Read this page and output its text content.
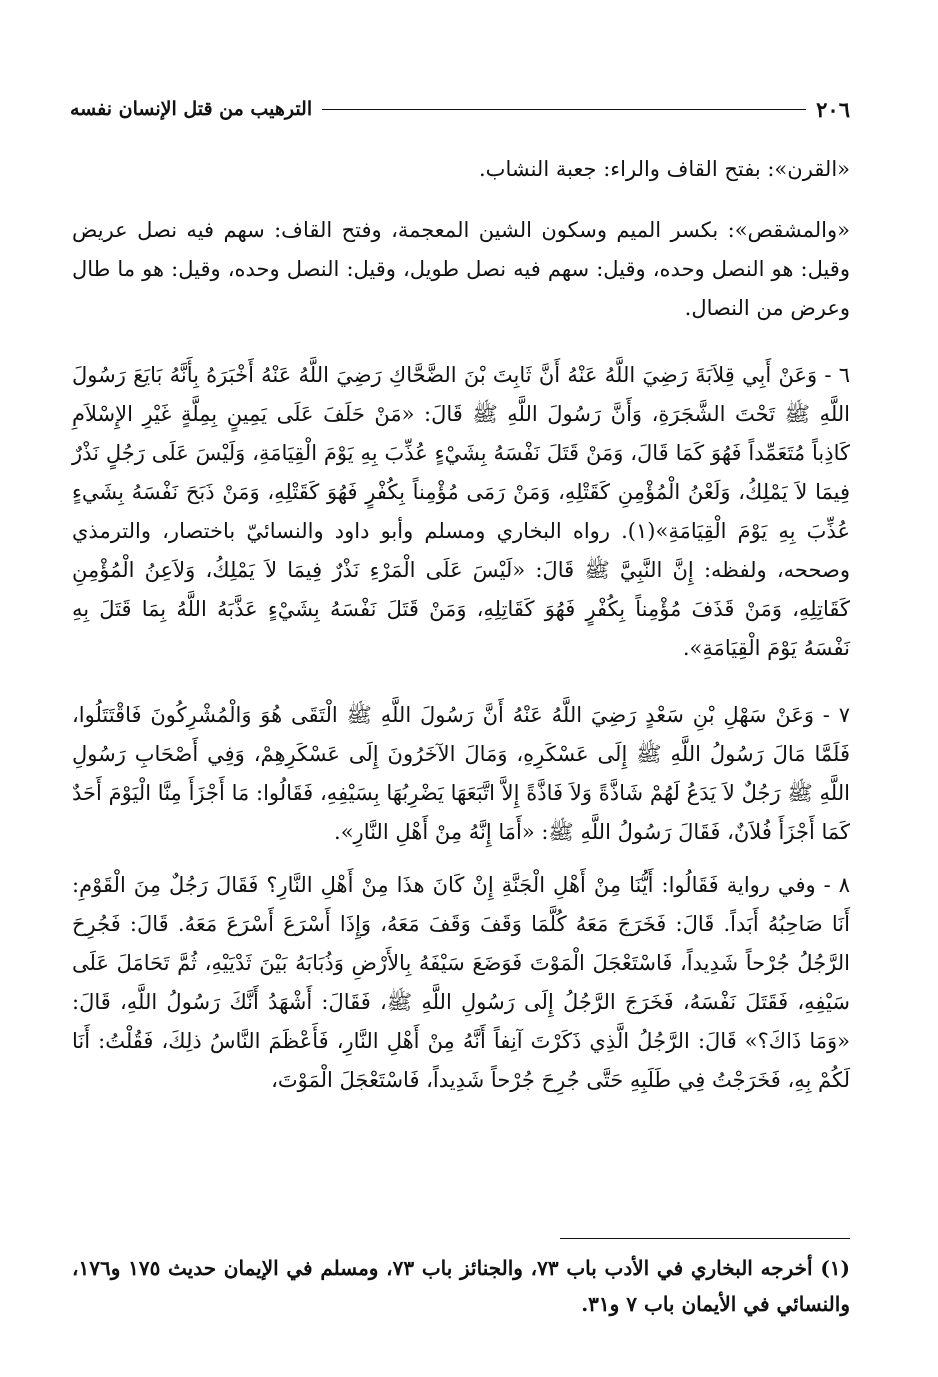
٢٠٦
الترهيب من قتل الإنسان نفسه

«القرن»: بفتح القاف والراء: جعبة النشاب.

«والمشقص»: بكسر الميم وسكون الشين المعجمة، وفتح القاف: سهم فيه نصل عريض وقيل: هو النصل وحده، وقيل: سهم فيه نصل طويل، وقيل: النصل وحده، وقيل: هو ما طال وعرض من النصال.

٦ - وَعَنْ أَبِي قِلاَبَةَ رَضِيَ اللَّهُ عَنْهُ أَنَّ ثَابِتَ بْنَ الضَّحَّاكِ رَضِيَ اللَّهُ عَنْهُ أَخْبَرَهُ بِأَنَّهُ بَايَعَ رَسُولَ اللَّهِ ﷺ تَحْتَ الشَّجَرَةِ، وَأَنَّ رَسُولَ اللَّهِ ﷺ قَالَ: «مَنْ حَلَفَ عَلَى يَمِينٍ بِمِلَّةٍ غَيْرِ الإِسْلاَمِ كَاذِباً مُتَعَمِّداً فَهُوَ كَمَا قَالَ، وَمَنْ قَتَلَ نَفْسَهُ بِشَيْءٍ عُذِّبَ بِهِ يَوْمَ الْقِيَامَةِ، وَلَيْسَ عَلَى رَجُلٍ نَذْرٌ فِيمَا لاَ يَمْلِكُ، وَلَعْنُ الْمُؤْمِنِ كَقَتْلِهِ، وَمَنْ رَمَى مُؤْمِناً بِكُفْرٍ فَهُوَ كَقَتْلِهِ، وَمَنْ ذَبَحَ نَفْسَهُ بِشَيءٍ عُذِّبَ بِهِ يَوْمَ الْقِيَامَةِ»(١). رواه البخاري ومسلم وأبو داود والنسائيّ باختصار، والترمذي وصححه، ولفظه: إِنَّ النَّبِيَّ ﷺ قَالَ: «لَيْسَ عَلَى الْمَرْءِ نَذْرٌ فِيمَا لاَ يَمْلِكُ، وَلاَعِنُ الْمُؤْمِنِ كَقَاتِلِهِ، وَمَنْ قَذَفَ مُؤْمِناً بِكُفْرٍ فَهُوَ كَقَاتِلِهِ، وَمَنْ قَتَلَ نَفْسَهُ بِشَيْءٍ عَذَّبَهُ اللَّهُ بِمَا قَتَلَ بِهِ نَفْسَهُ يَوْمَ الْقِيَامَةِ».

٧ - وَعَنْ سَهْلِ بْنِ سَعْدٍ رَضِيَ اللَّهُ عَنْهُ أَنَّ رَسُولَ اللَّهِ ﷺ الْتَقَى هُوَ وَالْمُشْرِكُونَ فَاقْتَتَلُوا، فَلَمَّا مَالَ رَسُولُ اللَّهِ ﷺ إِلَى عَسْكَرِهِ، وَمَالَ الآخَرُونَ إِلَى عَسْكَرِهِمْ، وَفِي أَصْحَابِ رَسُولِ اللَّهِ ﷺ رَجُلٌ لاَ يَدَعُ لَهُمْ شَاذَّةً وَلاَ فَاذَّةً إِلاَّ اتَّبَعَهَا يَضْرِبُهَا بِسَيْفِهِ، فَقَالُوا: مَا أَجْزَأَ مِنَّا الْيَوْمَ أَحَدٌ كَمَا أَجْزَأَ فُلاَنٌ، فَقَالَ رَسُولُ اللَّهِ ﷺ: «أَمَا إِنَّهُ مِنْ أَهْلِ النَّارِ».

٨ - وفي رواية فَقَالُوا: أَيُّنَا مِنْ أَهْلِ الْجَنَّةِ إِنْ كَانَ هذَا مِنْ أَهْلِ النَّارِ؟ فَقَالَ رَجُلٌ مِنَ الْقَوْمِ: أَنَا صَاحِبُهُ أَبَداً. قَالَ: فَخَرَجَ مَعَهُ كُلَّمَا وَقَفَ وَقَفَ مَعَهُ، وَإِذَا أَسْرَعَ أَسْرَعَ مَعَهُ. قَالَ: فَجُرِحَ الرَّجُلُ جُرْحاً شَدِيداً، فَاسْتَعْجَلَ الْمَوْتَ فَوَضَعَ سَيْفَهُ بِالأَرْضِ وَذُبَابَهُ بَيْنَ ثَدْيَيْهِ، ثُمَّ تَحَامَلَ عَلَى سَيْفِهِ، فَقَتَلَ نَفْسَهُ، فَخَرَجَ الرَّجُلُ إِلَى رَسُولِ اللَّهِ ﷺ، فَقَالَ: أَشْهَدُ أَنَّكَ رَسُولُ اللَّهِ، قَالَ: «وَمَا ذَاكَ؟» قَالَ: الرَّجُلُ الَّذِي ذَكَرْتَ آنِفاً أَنَّهُ مِنْ أَهْلِ النَّارِ، فَأَعْظَمَ النَّاسُ ذلِكَ، فَقُلْتُ: أَنَا لَكُمْ بِهِ، فَخَرَجْتُ فِي طَلَبِهِ حَتَّى جُرِحَ جُرْحاً شَدِيداً، فَاسْتَعْجَلَ الْمَوْتَ،

(١) أخرجه البخاري في الأدب باب ٧٣، والجنائز باب ٧٣، ومسلم في الإيمان حديث ١٧٥ و١٧٦، والنسائي في الأيمان باب ٧ و٣١.
